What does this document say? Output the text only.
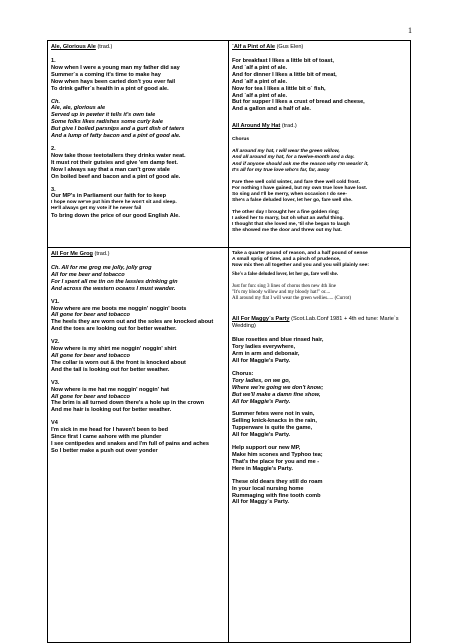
1
Ale, Glorious Ale (trad.)
1.
Now when I were a young man my father did say
Summer`s a coming it's time to make hay
Now when hays been carted don't you ever fail
To drink gaffer`s health in a pint of good ale.
Ch.
Ale, ale, glorious ale
Served up in pewter it tells it's own tale
Some folks likes radishes some curly kale
But give I boiled parsnips and a gurt dish of taters
And a lump of fatty bacon and a pint of good ale.
2.
Now take those teetotallers they drinks water neat.
It must rot their gutsies and give 'em damp feet.
Now I always say that a man can't grow stale
On boiled beef and bacon and a pint of good ale.
3.
Our MP's in Parliament our faith for to keep
I hope now we've put him there he won't sit and sleep.
He'll always get my vote if he never fail
To bring down the price of our good English Ale.
`Alf a Pint of Ale (Gus Elen)
For breakfast I likes a little bit of toast,
And `alf a pint of ale.
And for dinner I likes a little bit of meat,
And `alf a pint of ale.
Now for tea I likes a little bit o` fish,
And `alf a pint of ale.
But for supper I likes a crust of bread and cheese,
And a gallon and a half of ale.
All Around My Hat (trad.)
Chorus
All around my hat, I will wear the green willow,
And all around my hat, for a twelve-month and a day.
And if anyone should ask me the reason why I'm wearin' it,
It's all for my true love who's far, far, away
Fare thee well cold winter, and fare thee well cold frost.
For nothing I have gained, but my own true love have lost.
So sing and I'll be merry, when occasion I do see-
She's a false deluded lover, let her go, fare well she.
The other day I brought her a fine golden ring;
I asked her to marry, but oh what an awful thing.
I thought that she loved me, 'til she began to laugh
She showed me the door and threw out my hat.
All For Me Grog (trad.)
Ch. All for me grog me jolly, jolly grog
All for me beer and tobacco
For I spent all me tin on the lassies drinking gin
And across the western oceans I must wander.
V1.
Now where are me boots me noggin' noggin' boots
All gone for beer and tobacco
The heels they are worn out and the soles are knocked about
And the toes are looking out for better weather.
V2.
Now where is my shirt me noggin' noggin' shirt
All gone for beer and tobacco
The collar is worn out & the front is knocked about
And the tail is looking out for better weather.
V3.
Now where is me hat me noggin' noggin' hat
All gone for beer and tobacco
The brim is all turned down there's a hole up in the crown
And me hair is looking out for better weather.
V4
I'm sick in me head for I haven't been to bed
Since first I came ashore with me plunder
I see centipedes and snakes and I'm full of pains and aches
So I better make a push out over yonder
Take a quarter pound of reason, and a half pound of sense
A small sprig of time, and a pinch of prudence,
Now mix then all together and you and you will plainly see:
She's a false deluded lover, let her go, fare well she.
Just for fun: sing 3 lines of chorus then new 4th line
"It's my bloody willow and my bloody hat!" or....
All around my flat I will wear the green wellies..... (Currot)
All For Maggy`s Party (Scot.Lab.Conf 1981 + 4th ed tune: Marie`s Wedding)
Blue rosettes and blue rinsed hair,
Tory ladies everywhere,
Arm in arm and debonair,
All for Maggie's Party.
Chorus:
Tory ladies, on we go,
Where we're going we don't know;
But we'll make a damn fine show,
All for Maggie's Party.
Summer fetes were not in vain,
Selling knick-knacks in the rain,
Tupperware is quite the game,
All for Maggie's Party.
Help support our new MP,
Make him scones and Typhoo tea;
That's the place for you and me -
Here in Maggie's Party.
These old dears they still do roam
In your local nursing home
Rummaging with fine tooth comb
All for Maggy`s Party.
